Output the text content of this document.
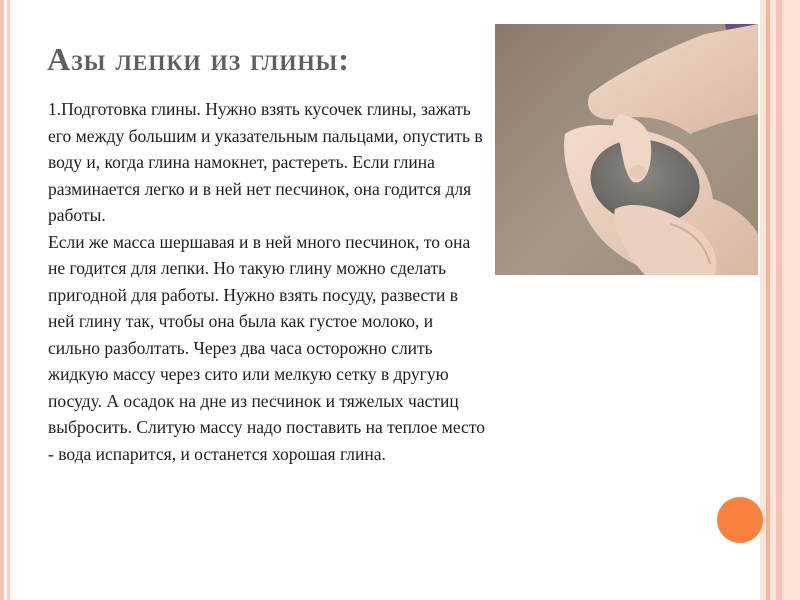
Азы лепки из глины:

1.Подготовка глины. Нужно взять кусочек глины, зажать его между большим и указательным пальцами, опустить в воду и, когда глина намокнет, растереть. Если глина разминается легко и в ней нет песчинок, она годится для работы.

Если же масса шершавая и в ней много песчинок, то она не годится для лепки. Но такую глину можно сделать пригодной для работы. Нужно взять посуду, развести в ней глину так, чтобы она была как густое молоко, и сильно разболтать. Через два часа осторожно слить жидкую массу через сито или мелкую сетку в другую посуду. А осадок на дне из песчинок и тяжелых частиц выбросить. Слитую массу надо поставить на теплое место - вода испарится, и останется хорошая глина.
